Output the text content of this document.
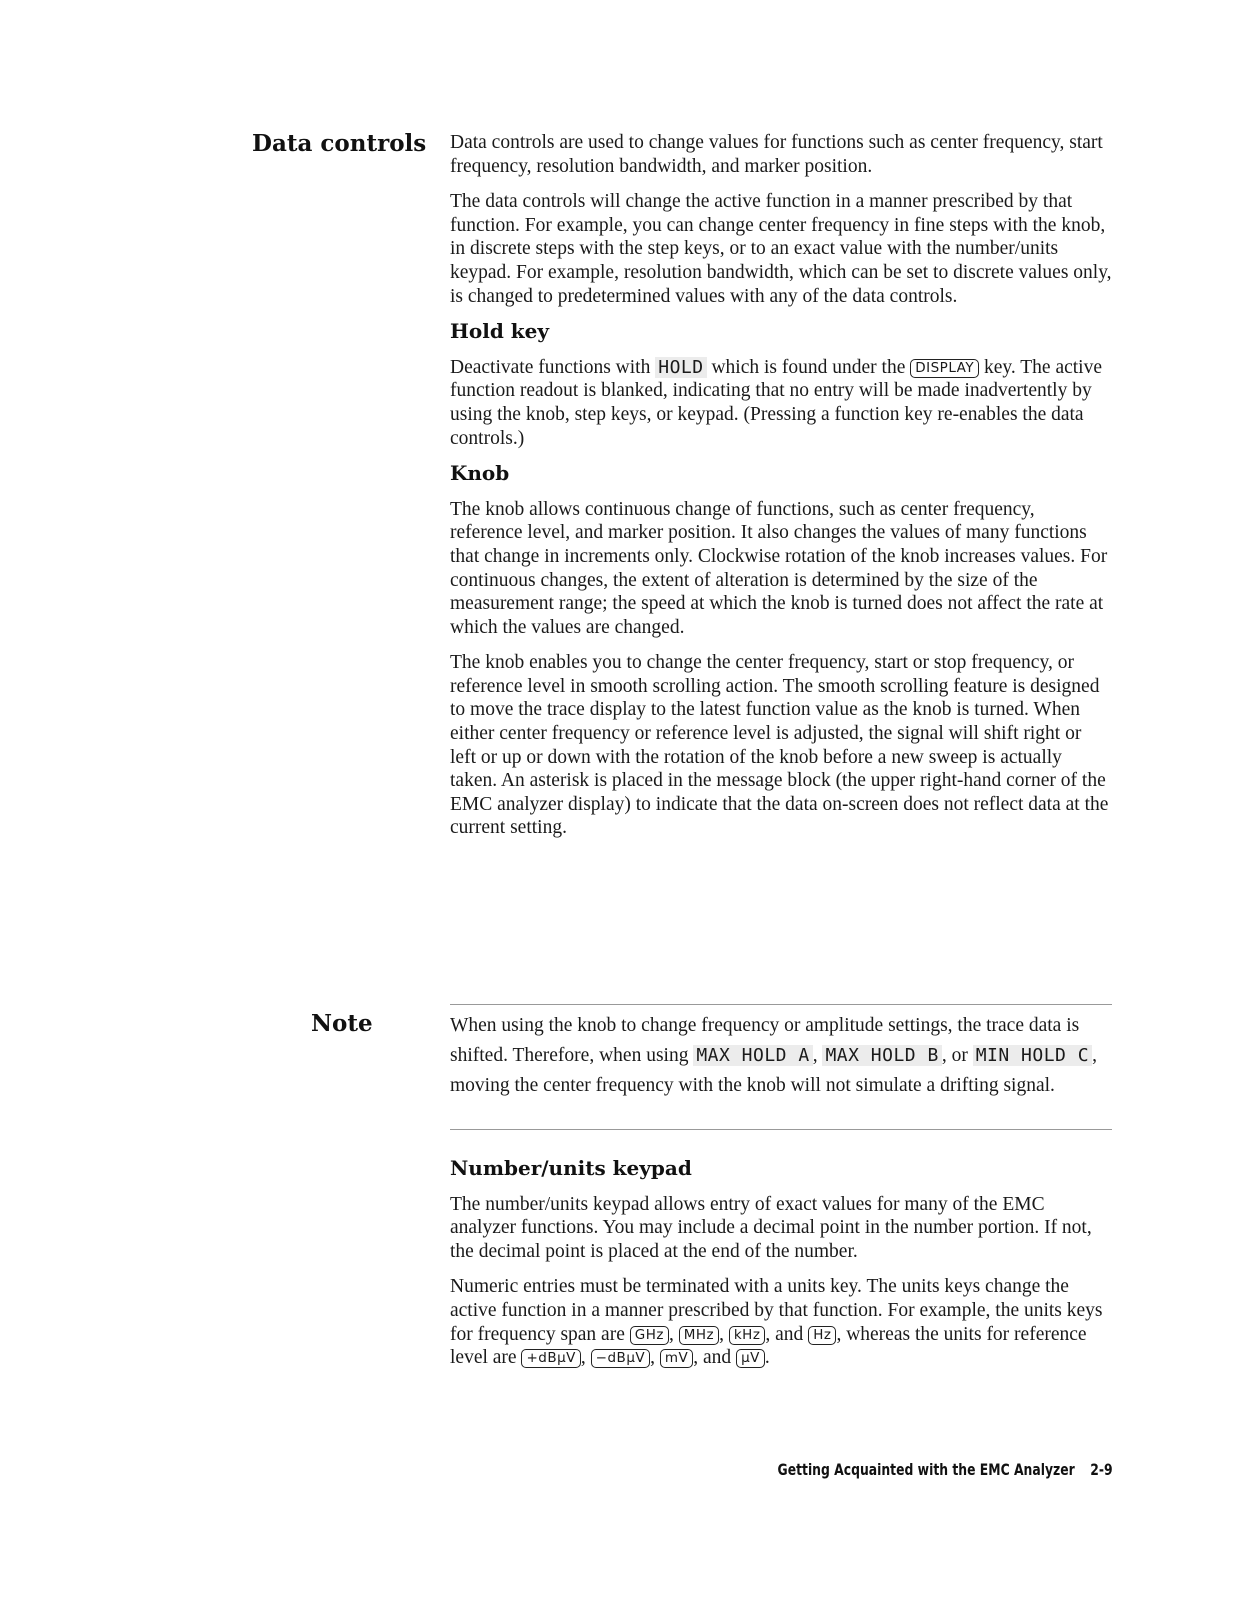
Data controls
Note

Data controls are used to change values for functions such as center frequency, start frequency, resolution bandwidth, and marker position.

The data controls will change the active function in a manner prescribed by that function. For example, you can change center frequency in fine steps with the knob, in discrete steps with the step keys, or to an exact value with the number/units keypad. For example, resolution bandwidth, which can be set to discrete values only, is changed to predetermined values with any of the data controls.

Hold key

Deactivate functions with HOLD which is found under the DISPLAY key. The active function readout is blanked, indicating that no entry will be made inadvertently by using the knob, step keys, or keypad. (Pressing a function key re-enables the data controls.)

Knob

The knob allows continuous change of functions, such as center frequency, reference level, and marker position. It also changes the values of many functions that change in increments only. Clockwise rotation of the knob increases values. For continuous changes, the extent of alteration is determined by the size of the measurement range; the speed at which the knob is turned does not affect the rate at which the values are changed.

The knob enables you to change the center frequency, start or stop frequency, or reference level in smooth scrolling action. The smooth scrolling feature is designed to move the trace display to the latest function value as the knob is turned. When either center frequency or reference level is adjusted, the signal will shift right or left or up or down with the rotation of the knob before a new sweep is actually taken. An asterisk is placed in the message block (the upper right-hand corner of the EMC analyzer display) to indicate that the data on-screen does not reflect data at the current setting.

When using the knob to change frequency or amplitude settings, the trace data is shifted. Therefore, when using MAX HOLD A , MAX HOLD B , or MIN HOLD C , moving the center frequency with the knob will not simulate a drifting signal.

Number/units keypad

The number/units keypad allows entry of exact values for many of the EMC analyzer functions. You may include a decimal point in the number portion. If not, the decimal point is placed at the end of the number.

Numeric entries must be terminated with a units key. The units keys change the active function in a manner prescribed by that function. For example, the units keys for frequency span are GHz , MHz , kHz , and Hz , whereas the units for reference level are +dBμV , −dBμV , mV , and μV .

Getting Acquainted with the EMC Analyzer 2-9
